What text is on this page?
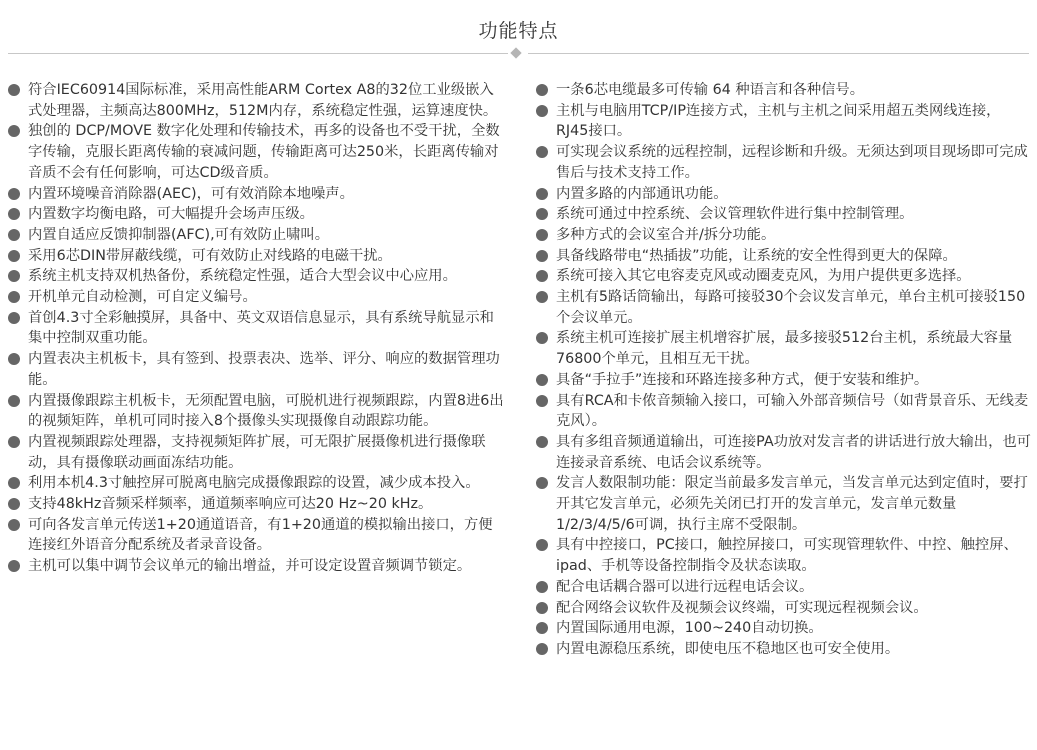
功能特点
符合IEC60914国际标准，采用高性能ARM Cortex A8的32位工业级嵌入式处理器，主频高达800MHz，512M内存，系统稳定性强，运算速度快。
独创的 DCP/MOVE 数字化处理和传输技术，再多的设备也不受干扰，全数字传输，克服长距离传输的衰减问题，传输距离可达250米，长距离传输对音质不会有任何影响，可达CD级音质。
内置环境噪音消除器(AEC)，可有效消除本地噪声。
内置数字均衡电路，可大幅提升会场声压级。
内置自适应反馈抑制器(AFC),可有效防止啸叫。
采用6芯DIN带屏蔽线缆，可有效防止对线路的电磁干扰。
系统主机支持双机热备份，系统稳定性强，适合大型会议中心应用。
开机单元自动检测，可自定义编号。
首创4.3寸全彩触摸屏，具备中、英文双语信息显示，具有系统导航显示和集中控制双重功能。
内置表决主机板卡，具有签到、投票表决、选举、评分、响应的数据管理功能。
内置摄像跟踪主机板卡，无须配置电脑，可脱机进行视频跟踪，内置8进6出的视频矩阵，单机可同时接入8个摄像头实现摄像自动跟踪功能。
内置视频跟踪处理器，支持视频矩阵扩展，可无限扩展摄像机进行摄像联动，具有摄像联动画面冻结功能。
利用本机4.3寸触控屏可脱离电脑完成摄像跟踪的设置，减少成本投入。
支持48kHz音频采样频率，通道频率响应可达20 Hz~20 kHz。
可向各发言单元传送1+20通道语音，有1+20通道的模拟输出接口，方便连接红外语音分配系统及者录音设备。
主机可以集中调节会议单元的输出增益，并可设定设置音频调节锁定。
一条6芯电缆最多可传输 64 种语言和各种信号。
主机与电脑用TCP/IP连接方式，主机与主机之间采用超五类网线连接，RJ45接口。
可实现会议系统的远程控制，远程诊断和升级。无须达到项目现场即可完成售后与技术支持工作。
内置多路的内部通讯功能。
系统可通过中控系统、会议管理软件进行集中控制管理。
多种方式的会议室合并/拆分功能。
具备线路带电“热插拔”功能，让系统的安全性得到更大的保障。
系统可接入其它电容麦克风或动圈麦克风，为用户提供更多选择。
主机有5路话筒输出，每路可接驳30个会议发言单元，单台主机可接驳150个会议单元。
系统主机可连接扩展主机增容扩展，最多接驳512台主机，系统最大容量76800个单元，且相互无干扰。
具备“手拉手”连接和环路连接多种方式，便于安装和维护。
具有RCA和卡侬音频输入接口，可输入外部音频信号（如背景音乐、无线麦克风）。
具有多组音频通道输出，可连接PA功放对发言者的讲话进行放大输出，也可连接录音系统、电话会议系统等。
发言人数限制功能：限定当前最多发言单元，当发言单元达到定值时，要打开其它发言单元，必须先关闭已打开的发言单元，发言单元数量1/2/3/4/5/6可调，执行主席不受限制。
具有中控接口，PC接口，触控屏接口，可实现管理软件、中控、触控屏、ipad、手机等设备控制指令及状态读取。
配合电话耦合器可以进行远程电话会议。
配合网络会议软件及视频会议终端，可实现远程视频会议。
内置国际通用电源，100~240自动切换。
内置电源稳压系统，即使电压不稳地区也可安全使用。
